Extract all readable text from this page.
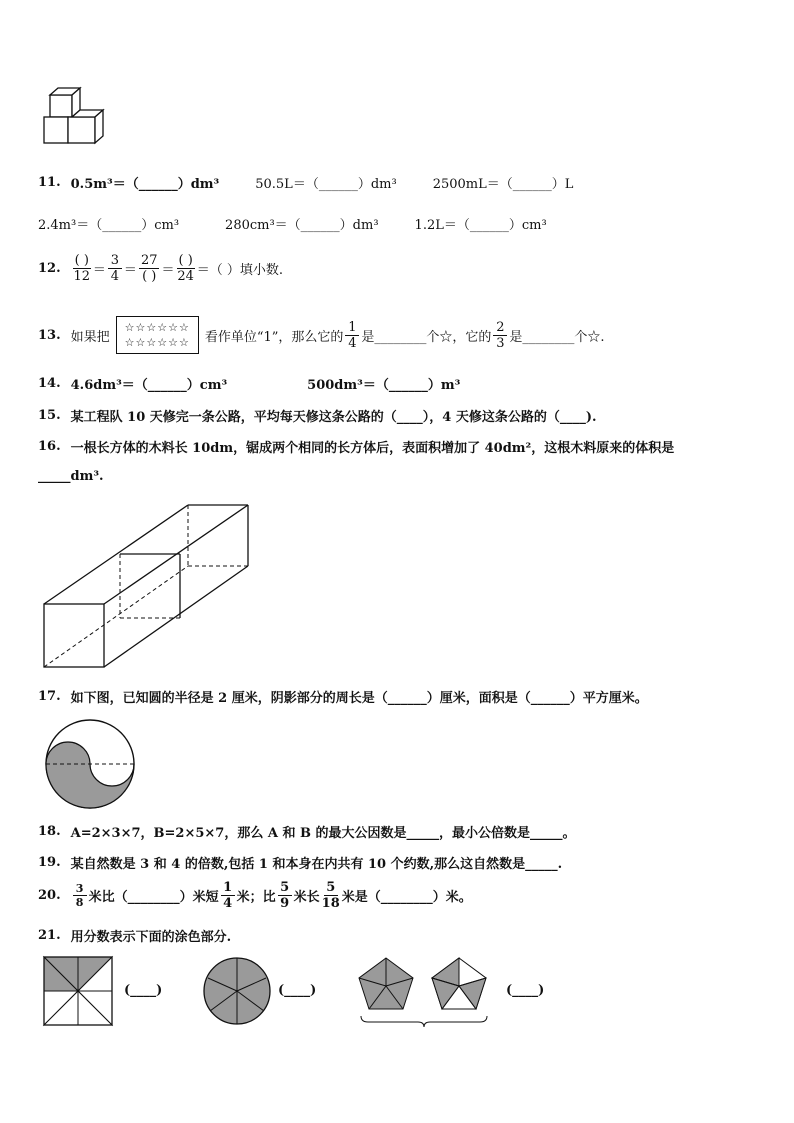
11. 0.5m³＝（______）dm³	50.5L＝（______）dm³	2500mL＝（______）L
2.4m³＝（______）cm³	280cm³＝（______）dm³	1.2L＝（______）cm³
12. $\frac{( )}{12} = \frac{3}{4} = \frac{27}{( )} = \frac{( )}{24}$ ＝（ ）填小数.
13. 如果把
☆☆☆☆☆☆
☆☆☆☆☆☆ 看作单位“1”，那么它的 $\frac{1}{4}$ 是________个☆，它的 $\frac{2}{3}$ 是________个☆.
14. 4.6dm³＝（______）cm³	500dm³＝（______）m³
15. 某工程队 10 天修完一条公路，平均每天修这条公路的（____），4 天修这条公路的（____).
16. 一根长方体的木料长 10dm，锯成两个相同的长方体后，表面积增加了 40dm²，这根木料原来的体积是
_____dm³.
17. 如下图，已知圆的半径是 2 厘米，阴影部分的周长是（______）厘米，面积是（______）平方厘米。
18. A=2×3×7，B=2×5×7，那么 A 和 B 的最大公因数是_____，最小公倍数是_____。
19. 某自然数是 3 和 4 的倍数,包括 1 和本身在内共有 10 个约数,那么这自然数是_____.
20. $\frac{3}{8}$ 米比（________）米短 $\frac{1}{4}$ 米；比 $\frac{5}{9}$ 米长 $\frac{5}{18}$ 米是（________）米。
21. 用分数表示下面的涂色部分.
(____)	(____)	(____)
